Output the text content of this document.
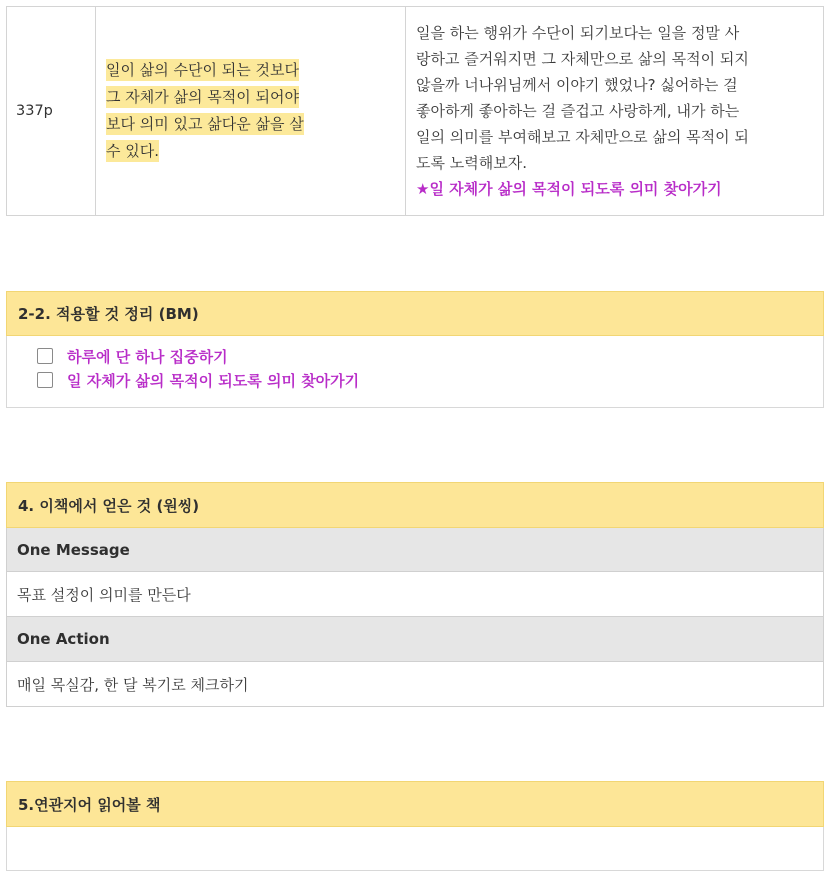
337p	일이 삶의 수단이 되는 것보다
그 자체가 삶의 목적이 되어야
보다 의미 있고 삶다운 삶을 살
수 있다.	일을 하는 행위가 수단이 되기보다는 일을 정말 사
랑하고 즐거워지면 그 자체만으로 삶의 목적이 되지
않을까 너나위님께서 이야기 했었나? 싫어하는 걸
좋아하게 좋아하는 걸 즐겁고 사랑하게, 내가 하는
일의 의미를 부여해보고 자체만으로 삶의 목적이 되
도록 노력해보자.
★일 자체가 삶의 목적이 되도록 의미 찾아가기
2-2. 적용할 것 정리 (BM)
하루에 단 하나 집중하기
일 자체가 삶의 목적이 되도록 의미 찾아가기
4. 이책에서 얻은 것 (원씽)
One Message
목표 설정이 의미를 만든다
One Action
매일 목실감, 한 달 복기로 체크하기
5.연관지어 읽어볼 책
